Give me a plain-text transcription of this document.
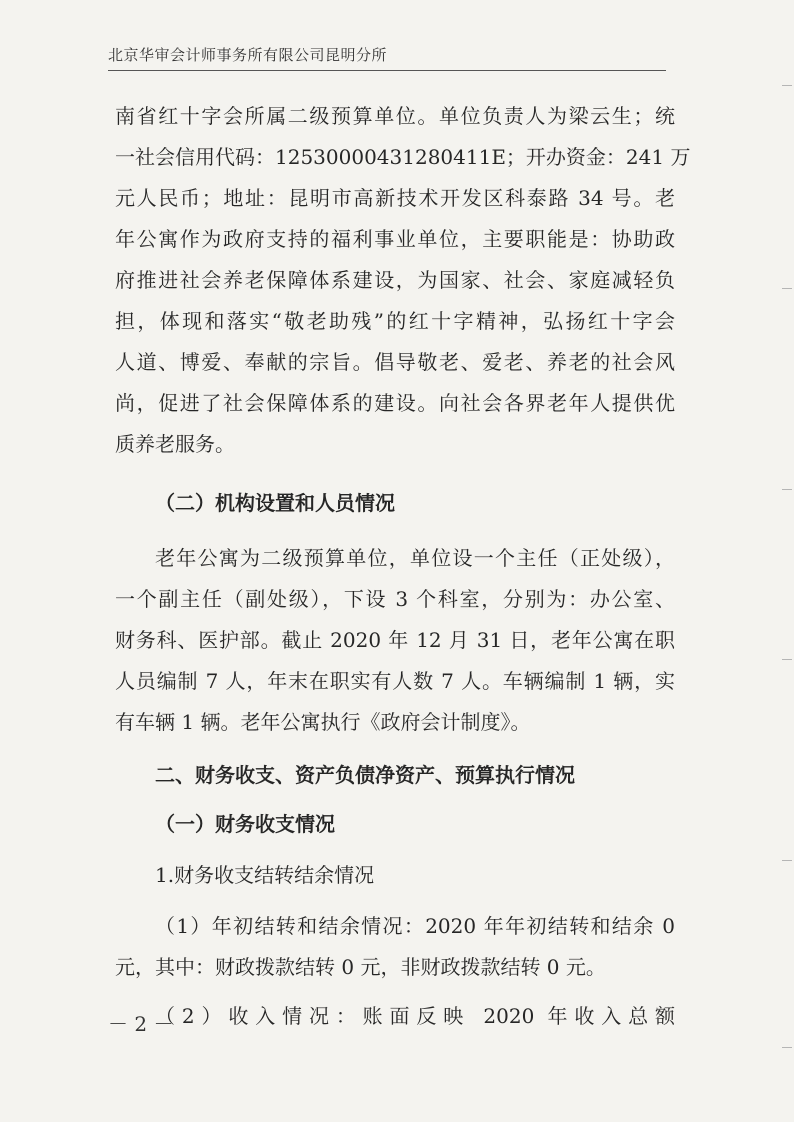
北京华审会计师事务所有限公司昆明分所
南省红十字会所属二级预算单位。单位负责人为梁云生；统
一社会信用代码：12530000431280411E；开办资金：241 万
元人民币；地址：昆明市高新技术开发区科泰路 34 号。老
年公寓作为政府支持的福利事业单位，主要职能是：协助政
府推进社会养老保障体系建设，为国家、社会、家庭减轻负
担，体现和落实“敬老助残”的红十字精神，弘扬红十字会
人道、博爱、奉献的宗旨。倡导敬老、爱老、养老的社会风
尚，促进了社会保障体系的建设。向社会各界老年人提供优
质养老服务。
（二）机构设置和人员情况
老年公寓为二级预算单位，单位设一个主任（正处级），
一个副主任（副处级），下设 3 个科室，分别为：办公室、
财务科、医护部。截止 2020 年 12 月 31 日，老年公寓在职
人员编制 7 人，年末在职实有人数 7 人。车辆编制 1 辆，实
有车辆 1 辆。老年公寓执行《政府会计制度》。
二、财务收支、资产负债净资产、预算执行情况
（一）财务收支情况
1.财务收支结转结余情况
（1）年初结转和结余情况：2020 年年初结转和结余 0
元，其中：财政拨款结转 0 元，非财政拨款结转 0 元。
（2）收入情况：账面反映 2020 年收入总额
－ 2 －
